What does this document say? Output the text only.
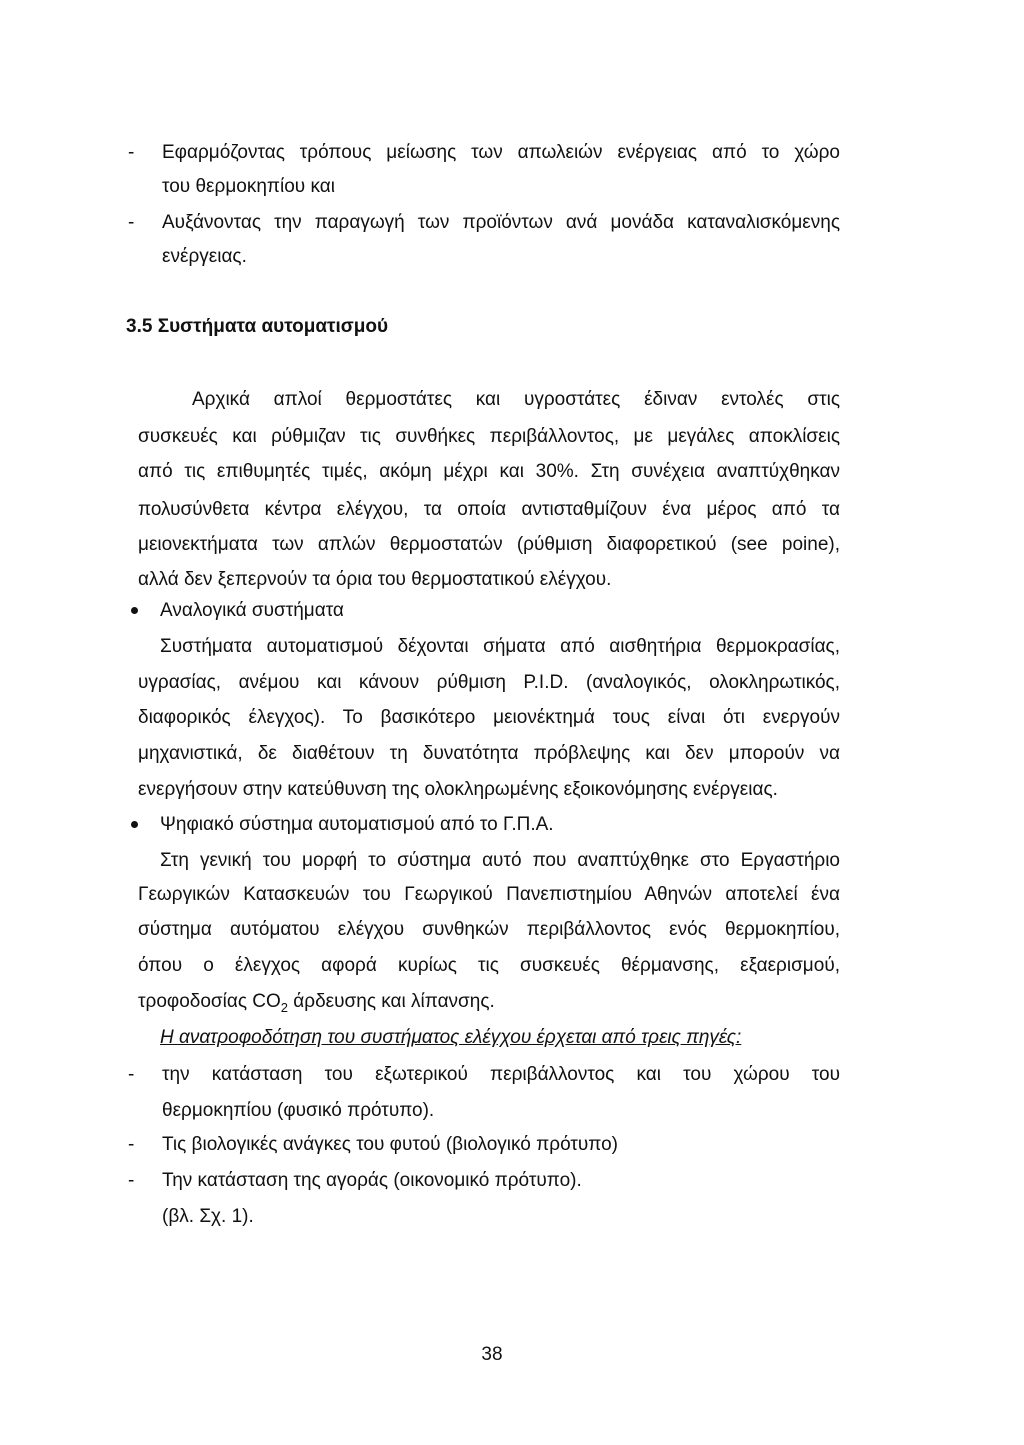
-	Εφαρμόζοντας τρόπους μείωσης των απωλειών ενέργειας από το χώρο
του θερμοκηπίου και
-	Αυξάνοντας την παραγωγή των προϊόντων ανά μονάδα καταναλισκόμενης
ενέργειας.
3.5 Συστήματα αυτοματισμού
Αρχικά απλοί θερμοστάτες και υγροστάτες έδιναν εντολές στις
συσκευές και ρύθμιζαν τις συνθήκες περιβάλλοντος, με μεγάλες αποκλίσεις
από τις επιθυμητές τιμές, ακόμη μέχρι και 30%. Στη συνέχεια αναπτύχθηκαν
πολυσύνθετα κέντρα ελέγχου, τα οποία αντισταθμίζουν ένα μέρος από τα
μειονεκτήματα των απλών θερμοστατών (ρύθμιση διαφορετικού (see poine),
αλλά δεν ξεπερνούν τα όρια του θερμοστατικού ελέγχου.
Αναλογικά συστήματα
Συστήματα αυτοματισμού δέχονται σήματα από αισθητήρια θερμοκρασίας,
υγρασίας, ανέμου και κάνουν ρύθμιση P.I.D. (αναλογικός, ολοκληρωτικός,
διαφορικός έλεγχος). Το βασικότερο μειονέκτημά τους είναι ότι ενεργούν
μηχανιστικά, δε διαθέτουν τη δυνατότητα πρόβλεψης και δεν μπορούν να
ενεργήσουν στην κατεύθυνση της ολοκληρωμένης εξοικονόμησης ενέργειας.
Ψηφιακό σύστημα αυτοματισμού από το Γ.Π.Α.
Στη γενική του μορφή το σύστημα αυτό που αναπτύχθηκε στο Εργαστήριο
Γεωργικών Κατασκευών του Γεωργικού Πανεπιστημίου Αθηνών αποτελεί ένα
σύστημα αυτόματου ελέγχου συνθηκών περιβάλλοντος ενός θερμοκηπίου,
όπου ο έλεγχος αφορά κυρίως τις συσκευές θέρμανσης, εξαερισμού,
τροφοδοσίας $CO_2$ άρδευσης και λίπανσης.
Η ανατροφοδότηση του συστήματος ελέγχου έρχεται από τρεις πηγές:
-	την κατάσταση του εξωτερικού περιβάλλοντος και του χώρου του
θερμοκηπίου (φυσικό πρότυπο).
-	Τις βιολογικές ανάγκες του φυτού (βιολογικό πρότυπο)
-	Την κατάσταση της αγοράς (οικονομικό πρότυπο).
(βλ. Σχ. 1).
38
